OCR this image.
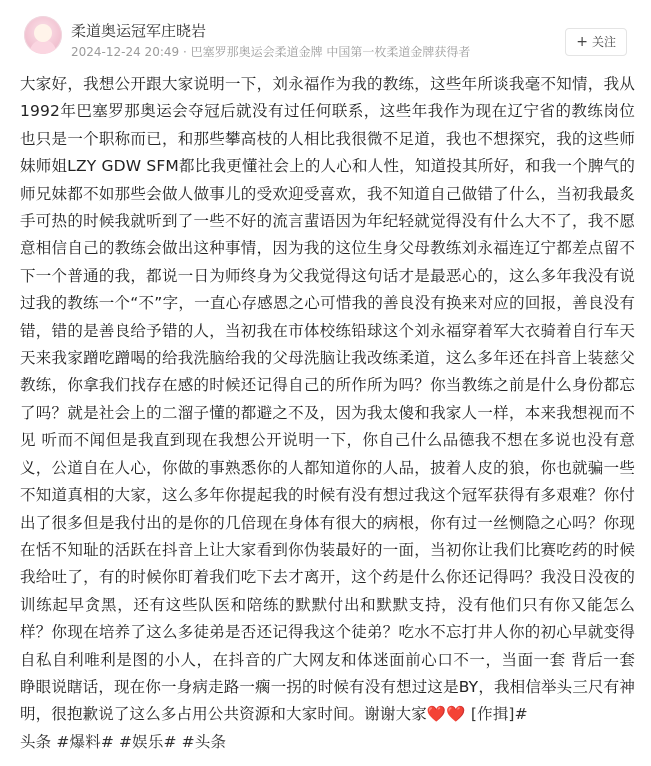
柔道奥运冠军庄晓岩
2024-12-24 20:49 · 巴塞罗那奥运会柔道金牌 中国第一枚柔道金牌获得者
+ 关注
大家好，我想公开跟大家说明一下，刘永福作为我的教练，这些年所谈我毫不知情，我从1992年巴塞罗那奥运会夺冠后就没有过任何联系，这些年我作为现在辽宁省的教练岗位也只是一个职称而已，和那些攀高枝的人相比我很微不足道，我也不想探究，我的这些师妹师姐LZY GDW SFM都比我更懂社会上的人心和人性，知道投其所好，和我一个脾气的师兄妹都不如那些会做人做事儿的受欢迎受喜欢，我不知道自己做错了什么，当初我最炙手可热的时候我就听到了一些不好的流言蜚语因为年纪轻就觉得没有什么大不了，我不愿意相信自己的教练会做出这种事情，因为我的这位生身父母教练刘永福连辽宁都差点留不下一个普通的我，都说一日为师终身为父我觉得这句话才是最恶心的，这么多年我没有说过我的教练一个“不”字，一直心存感恩之心可惜我的善良没有换来对应的回报，善良没有错，错的是善良给予错的人，当初我在市体校练铅球这个刘永福穿着军大衣骑着自行车天天来我家蹭吃蹭喝的给我洗脑给我的父母洗脑让我改练柔道，这么多年还在抖音上装慈父教练，你拿我们找存在感的时候还记得自己的所作所为吗？你当教练之前是什么身份都忘了吗？就是社会上的二溜子懂的都避之不及，因为我太傻和我家人一样，本来我想视而不见 听而不闻但是我直到现在我想公开说明一下，你自己什么品德我不想在多说也没有意义，公道自在人心，你做的事熟悉你的人都知道你的人品，披着人皮的狼，你也就骗一些不知道真相的大家，这么多年你提起我的时候有没有想过我这个冠军获得有多艰难？你付出了很多但是我付出的是你的几倍现在身体有很大的病根，你有过一丝恻隐之心吗？你现在恬不知耻的活跃在抖音上让大家看到你伪装最好的一面，当初你让我们比赛吃药的时候我给吐了，有的时候你盯着我们吃下去才离开，这个药是什么你还记得吗？我没日没夜的训练起早贪黑，还有这些队医和陪练的默默付出和默默支持，没有他们只有你又能怎么样？你现在培养了这么多徒弟是否还记得我这个徒弟？吃水不忘打井人你的初心早就变得自私自利唯利是图的小人，在抖音的广大网友和体迷面前心口不一，当面一套 背后一套睁眼说瞎话，现在你一身病走路一瘸一拐的时候有没有想过这是BY，我相信举头三尺有神明，很抱歉说了这么多占用公共资源和大家时间。谢谢大家❤️❤️ [作揖]#
头条 #爆料# #娱乐# #头条
